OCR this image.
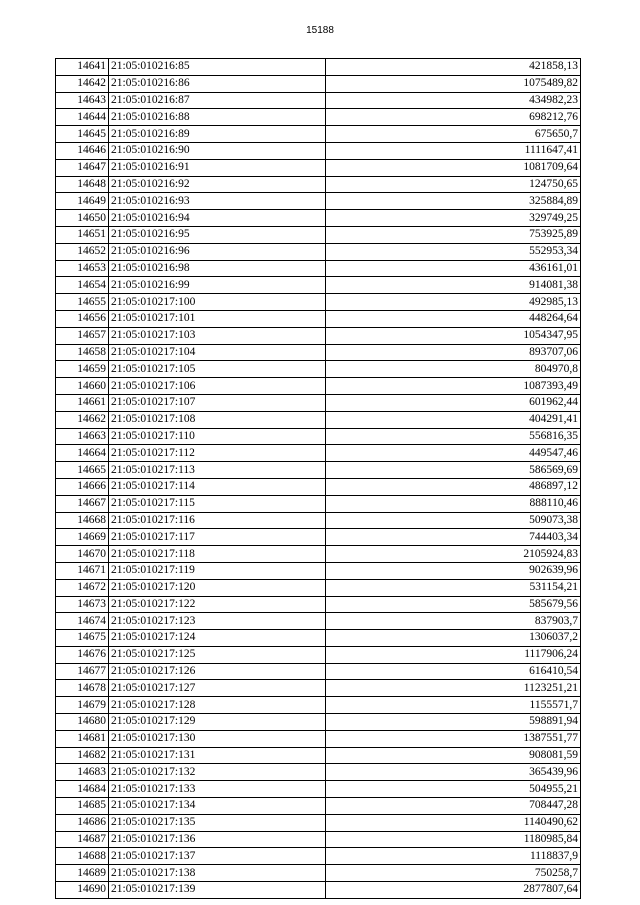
15188
14641	21:05:010216:85	421858,13
14642	21:05:010216:86	1075489,82
14643	21:05:010216:87	434982,23
14644	21:05:010216:88	698212,76
14645	21:05:010216:89	675650,7
14646	21:05:010216:90	1111647,41
14647	21:05:010216:91	1081709,64
14648	21:05:010216:92	124750,65
14649	21:05:010216:93	325884,89
14650	21:05:010216:94	329749,25
14651	21:05:010216:95	753925,89
14652	21:05:010216:96	552953,34
14653	21:05:010216:98	436161,01
14654	21:05:010216:99	914081,38
14655	21:05:010217:100	492985,13
14656	21:05:010217:101	448264,64
14657	21:05:010217:103	1054347,95
14658	21:05:010217:104	893707,06
14659	21:05:010217:105	804970,8
14660	21:05:010217:106	1087393,49
14661	21:05:010217:107	601962,44
14662	21:05:010217:108	404291,41
14663	21:05:010217:110	556816,35
14664	21:05:010217:112	449547,46
14665	21:05:010217:113	586569,69
14666	21:05:010217:114	486897,12
14667	21:05:010217:115	888110,46
14668	21:05:010217:116	509073,38
14669	21:05:010217:117	744403,34
14670	21:05:010217:118	2105924,83
14671	21:05:010217:119	902639,96
14672	21:05:010217:120	531154,21
14673	21:05:010217:122	585679,56
14674	21:05:010217:123	837903,7
14675	21:05:010217:124	1306037,2
14676	21:05:010217:125	1117906,24
14677	21:05:010217:126	616410,54
14678	21:05:010217:127	1123251,21
14679	21:05:010217:128	1155571,7
14680	21:05:010217:129	598891,94
14681	21:05:010217:130	1387551,77
14682	21:05:010217:131	908081,59
14683	21:05:010217:132	365439,96
14684	21:05:010217:133	504955,21
14685	21:05:010217:134	708447,28
14686	21:05:010217:135	1140490,62
14687	21:05:010217:136	1180985,84
14688	21:05:010217:137	1118837,9
14689	21:05:010217:138	750258,7
14690	21:05:010217:139	2877807,64
